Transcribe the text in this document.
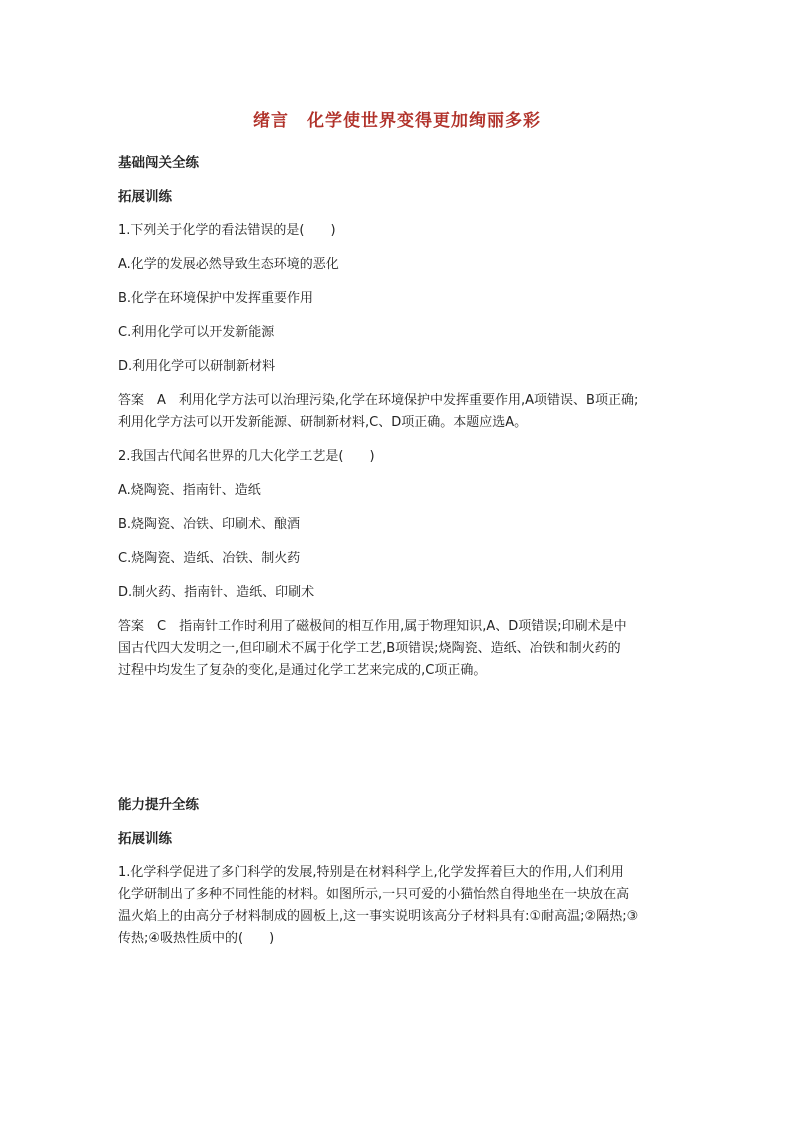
绪言　化学使世界变得更加绚丽多彩
基础闯关全练
拓展训练
1.下列关于化学的看法错误的是(　　)
A.化学的发展必然导致生态环境的恶化
B.化学在环境保护中发挥重要作用
C.利用化学可以开发新能源
D.利用化学可以研制新材料
答案　A　利用化学方法可以治理污染,化学在环境保护中发挥重要作用,A项错误、B项正确;
利用化学方法可以开发新能源、研制新材料,C、D项正确。本题应选A。
2.我国古代闻名世界的几大化学工艺是(　　)
A.烧陶瓷、指南针、造纸
B.烧陶瓷、冶铁、印刷术、酿酒
C.烧陶瓷、造纸、冶铁、制火药
D.制火药、指南针、造纸、印刷术
答案　C　指南针工作时利用了磁极间的相互作用,属于物理知识,A、D项错误;印刷术是中
国古代四大发明之一,但印刷术不属于化学工艺,B项错误;烧陶瓷、造纸、冶铁和制火药的
过程中均发生了复杂的变化,是通过化学工艺来完成的,C项正确。
能力提升全练
拓展训练
1.化学科学促进了多门科学的发展,特别是在材料科学上,化学发挥着巨大的作用,人们利用
化学研制出了多种不同性能的材料。如图所示,一只可爱的小猫怡然自得地坐在一块放在高
温火焰上的由高分子材料制成的圆板上,这一事实说明该高分子材料具有:①耐高温;②隔热;③
传热;④吸热性质中的(　　)
